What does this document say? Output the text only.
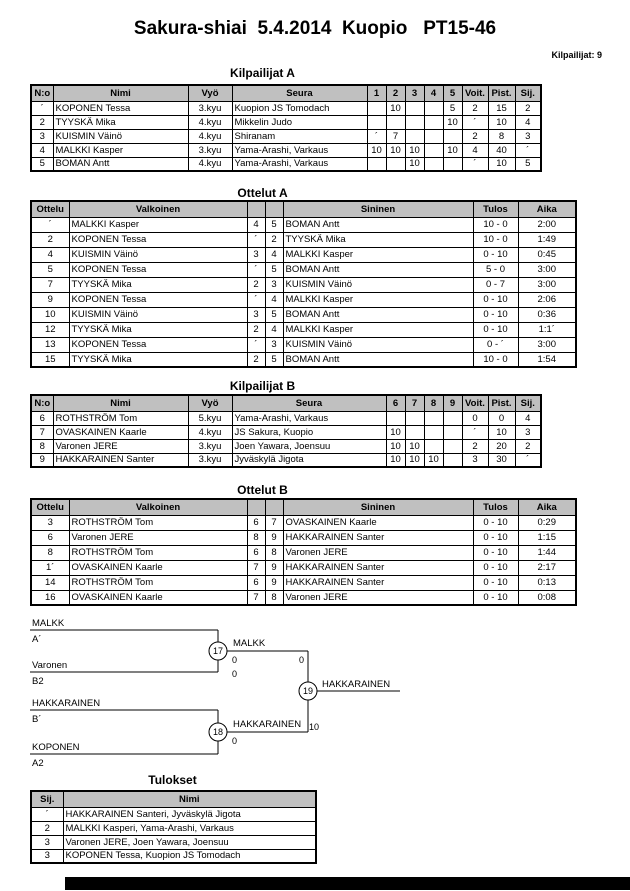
Sakura-shiai  5.4.2014  Kuopio   PT15-46
Kilpailijat: 9
Kilpailijat A
N:o	Nimi	Vyö	Seura	1	2	3	4	5	Voit.	Pist.	Sij.
´	KOPONEN Tessa	3.kyu	Kuopion JS Tomodach		10			5	2	15	2
2	TYYSKÄ Mika	4.kyu	Mikkelin Judo					10	´	10	4
3	KUISMIN Väinö	4.kyu	Shiranam	´	7				2	8	3
4	MALKKI Kasper	3.kyu	Yama-Arashi, Varkaus	10	10	10		10	4	40	´
5	BOMAN Antt	4.kyu	Yama-Arashi, Varkaus			10			´	10	5
Ottelut A
Ottelu	Valkoinen			Sininen	Tulos	Aika
´	MALKKI Kasper	4	5	BOMAN Antt	10 - 0	2:00
2	KOPONEN Tessa	´	2	TYYSKÄ Mika	10 - 0	1:49
4	KUISMIN Väinö	3	4	MALKKI Kasper	0 - 10	0:45
5	KOPONEN Tessa	´	5	BOMAN Antt	5 - 0	3:00
7	TYYSKÄ Mika	2	3	KUISMIN Väinö	0 - 7	3:00
9	KOPONEN Tessa	´	4	MALKKI Kasper	0 - 10	2:06
10	KUISMIN Väinö	3	5	BOMAN Antt	0 - 10	0:36
12	TYYSKÄ Mika	2	4	MALKKI Kasper	0 - 10	1:1´
13	KOPONEN Tessa	´	3	KUISMIN Väinö	0 - ´	3:00
15	TYYSKÄ Mika	2	5	BOMAN Antt	10 - 0	1:54
Kilpailijat B
N:o	Nimi	Vyö	Seura	6	7	8	9	Voit.	Pist.	Sij.
6	ROTHSTRÖM Tom	5.kyu	Yama-Arashi, Varkaus					0	0	4
7	OVASKAINEN Kaarle	4.kyu	JS Sakura, Kuopio	10				´	10	3
8	Varonen JERE	3.kyu	Joen Yawara, Joensuu	10	10			2	20	2
9	HAKKARAINEN Santer	3.kyu	Jyväskylä Jigota	10	10	10		3	30	´
Ottelut B
Ottelu	Valkoinen			Sininen	Tulos	Aika
3	ROTHSTRÖM Tom	6	7	OVASKAINEN Kaarle	0 - 10	0:29
6	Varonen JERE	8	9	HAKKARAINEN Santer	0 - 10	1:15
8	ROTHSTRÖM Tom	6	8	Varonen JERE	0 - 10	1:44
1´	OVASKAINEN Kaarle	7	9	HAKKARAINEN Santer	0 - 10	2:17
14	ROTHSTRÖM Tom	6	9	HAKKARAINEN Santer	0 - 10	0:13
16	OVASKAINEN Kaarle	7	8	Varonen JERE	0 - 10	0:08
MALKK
A´
Varonen
B2
HAKKARAINEN
B´
KOPONEN
A2
17
18
19
MALKK
0
0
HAKKARAINEN
0
HAKKARAINEN
0
10
Tulokset
Sij.	Nimi
´	HAKKARAINEN Santeri, Jyväskylä Jigota
2	MALKKI Kasperi, Yama-Arashi, Varkaus
3	Varonen JERE, Joen Yawara, Joensuu
3	KOPONEN Tessa, Kuopion JS Tomodach
